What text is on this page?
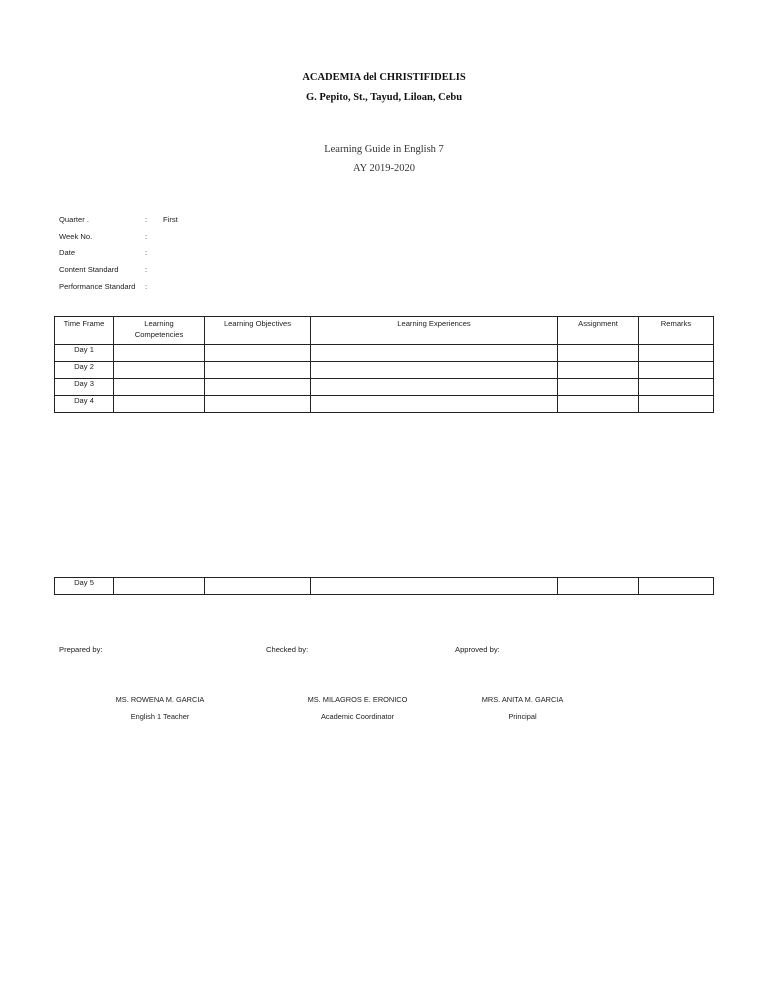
ACADEMIA del CHRISTIFIDELIS
G. Pepito, St., Tayud, Liloan, Cebu
Learning Guide in English 7
AY 2019-2020
Quarter .	: First
Week No.	:
Date	:
Content Standard	:
Performance Standard :
Time Frame	Learning Competencies	Learning Objectives	Learning Experiences	Assignment	Remarks
Day 1					
Day 2					
Day 3					
Day 4					
Day 5					
Prepared by:	Checked by:	Approved by:
MS. ROWENA M. GARCIA
English 1 Teacher
MS. MILAGROS E. ERONICO
Academic Coordinator
MRS. ANITA M. GARCIA
Principal
